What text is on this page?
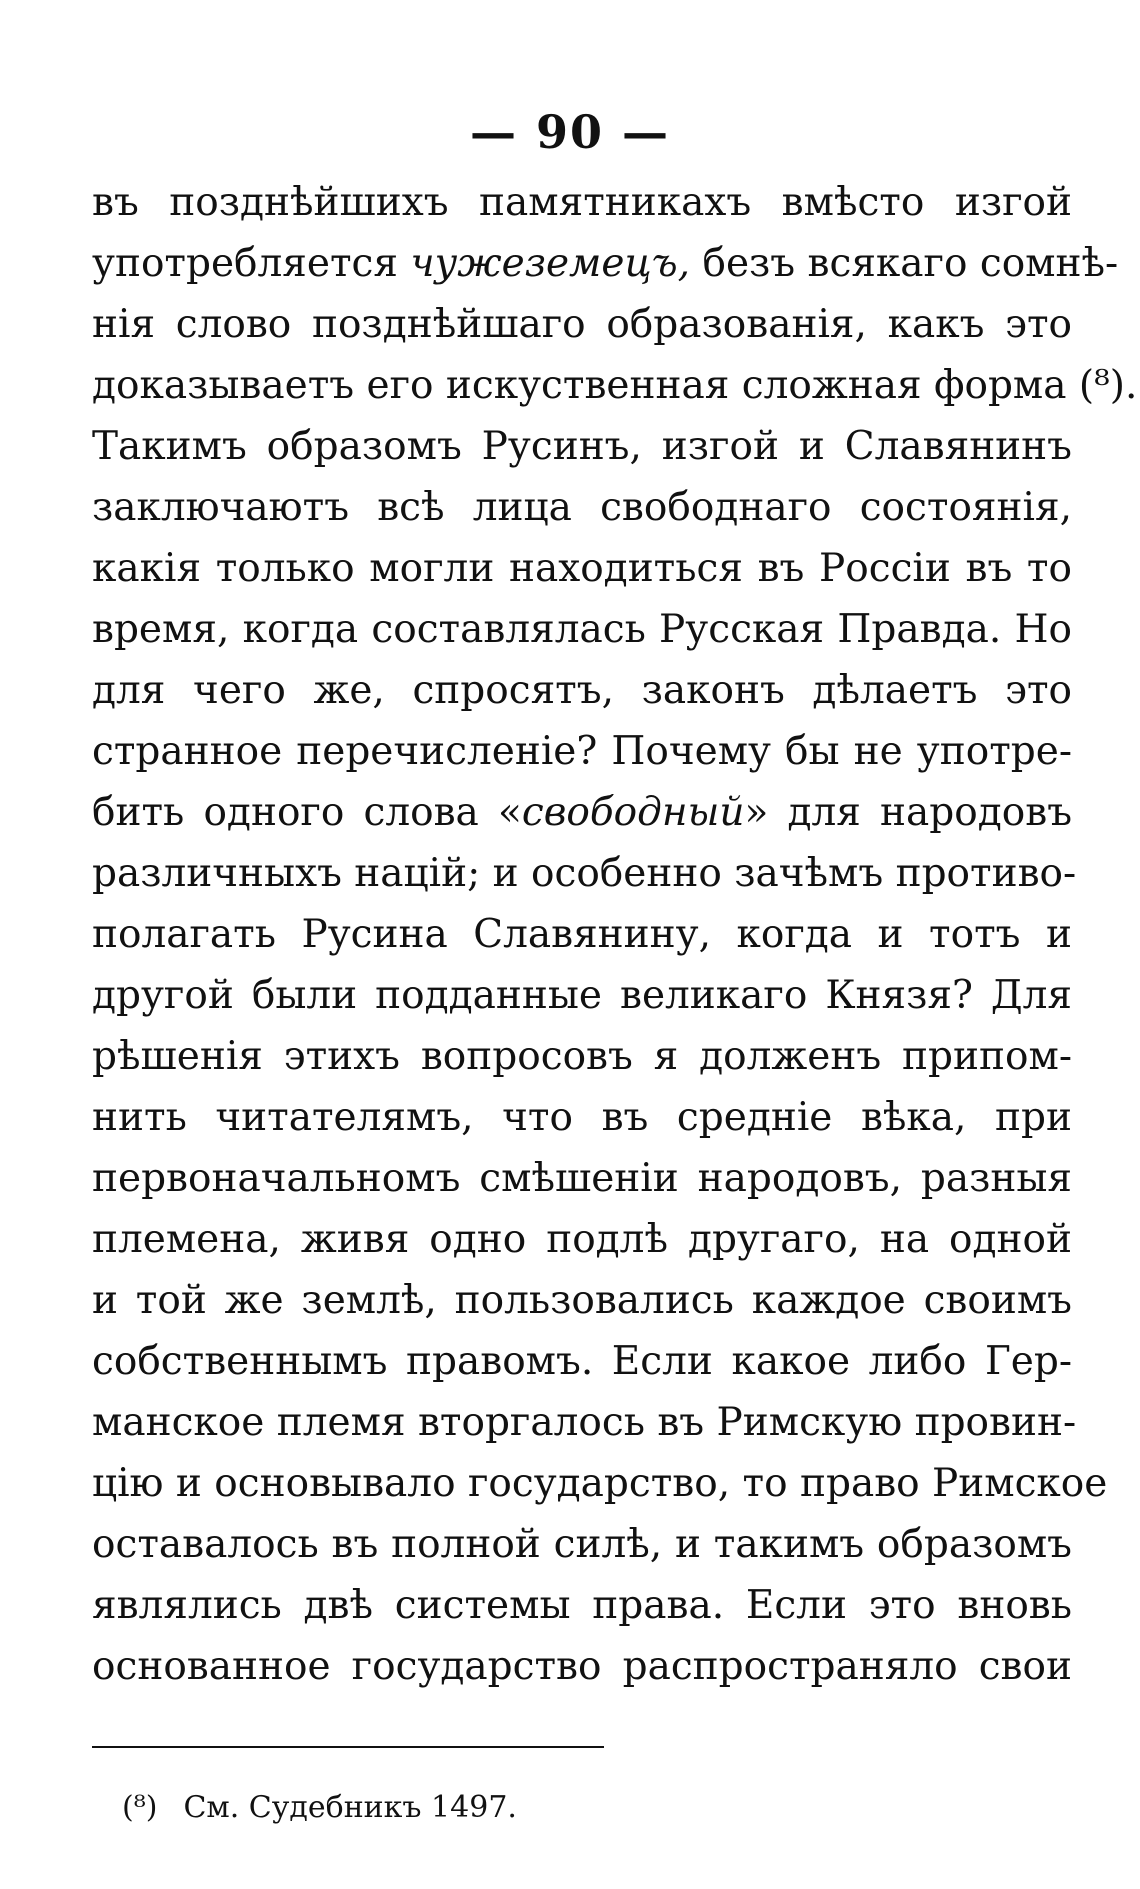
— 90 —
въ позднѣйшихъ памятникахъ вмѣсто изгой
употребляется чужеземецъ, безъ всякаго сомнѣ-
нія слово позднѣйшаго образованія, какъ это
доказываетъ его искуственная сложная форма (⁸).
Такимъ образомъ Русинъ, изгой и Славянинъ
заключаютъ всѣ лица свободнаго состоянія,
какія только могли находиться въ Россіи въ то
время, когда составлялась Русская Правда. Но
для чего же, спросятъ, законъ дѣлаетъ это
странное перечисленіе? Почему бы не употре-
бить одного слова «свободный» для народовъ
различныхъ націй; и особенно зачѣмъ противо-
полагать Русина Славянину, когда и тотъ и
другой были подданные великаго Князя? Для
рѣшенія этихъ вопросовъ я долженъ припом-
нить читателямъ, что въ средніе вѣка, при
первоначальномъ смѣшеніи народовъ, разныя
племена, живя одно подлѣ другаго, на одной
и той же землѣ, пользовались каждое своимъ
собственнымъ правомъ. Если какое либо Гер-
манское племя вторгалось въ Римскую провин-
цію и основывало государство, то право Римское
оставалось въ полной силѣ, и такимъ образомъ
являлись двѣ системы права. Если это вновь
основанное государство распространяло свои
(⁸) См. Судебникъ 1497.
